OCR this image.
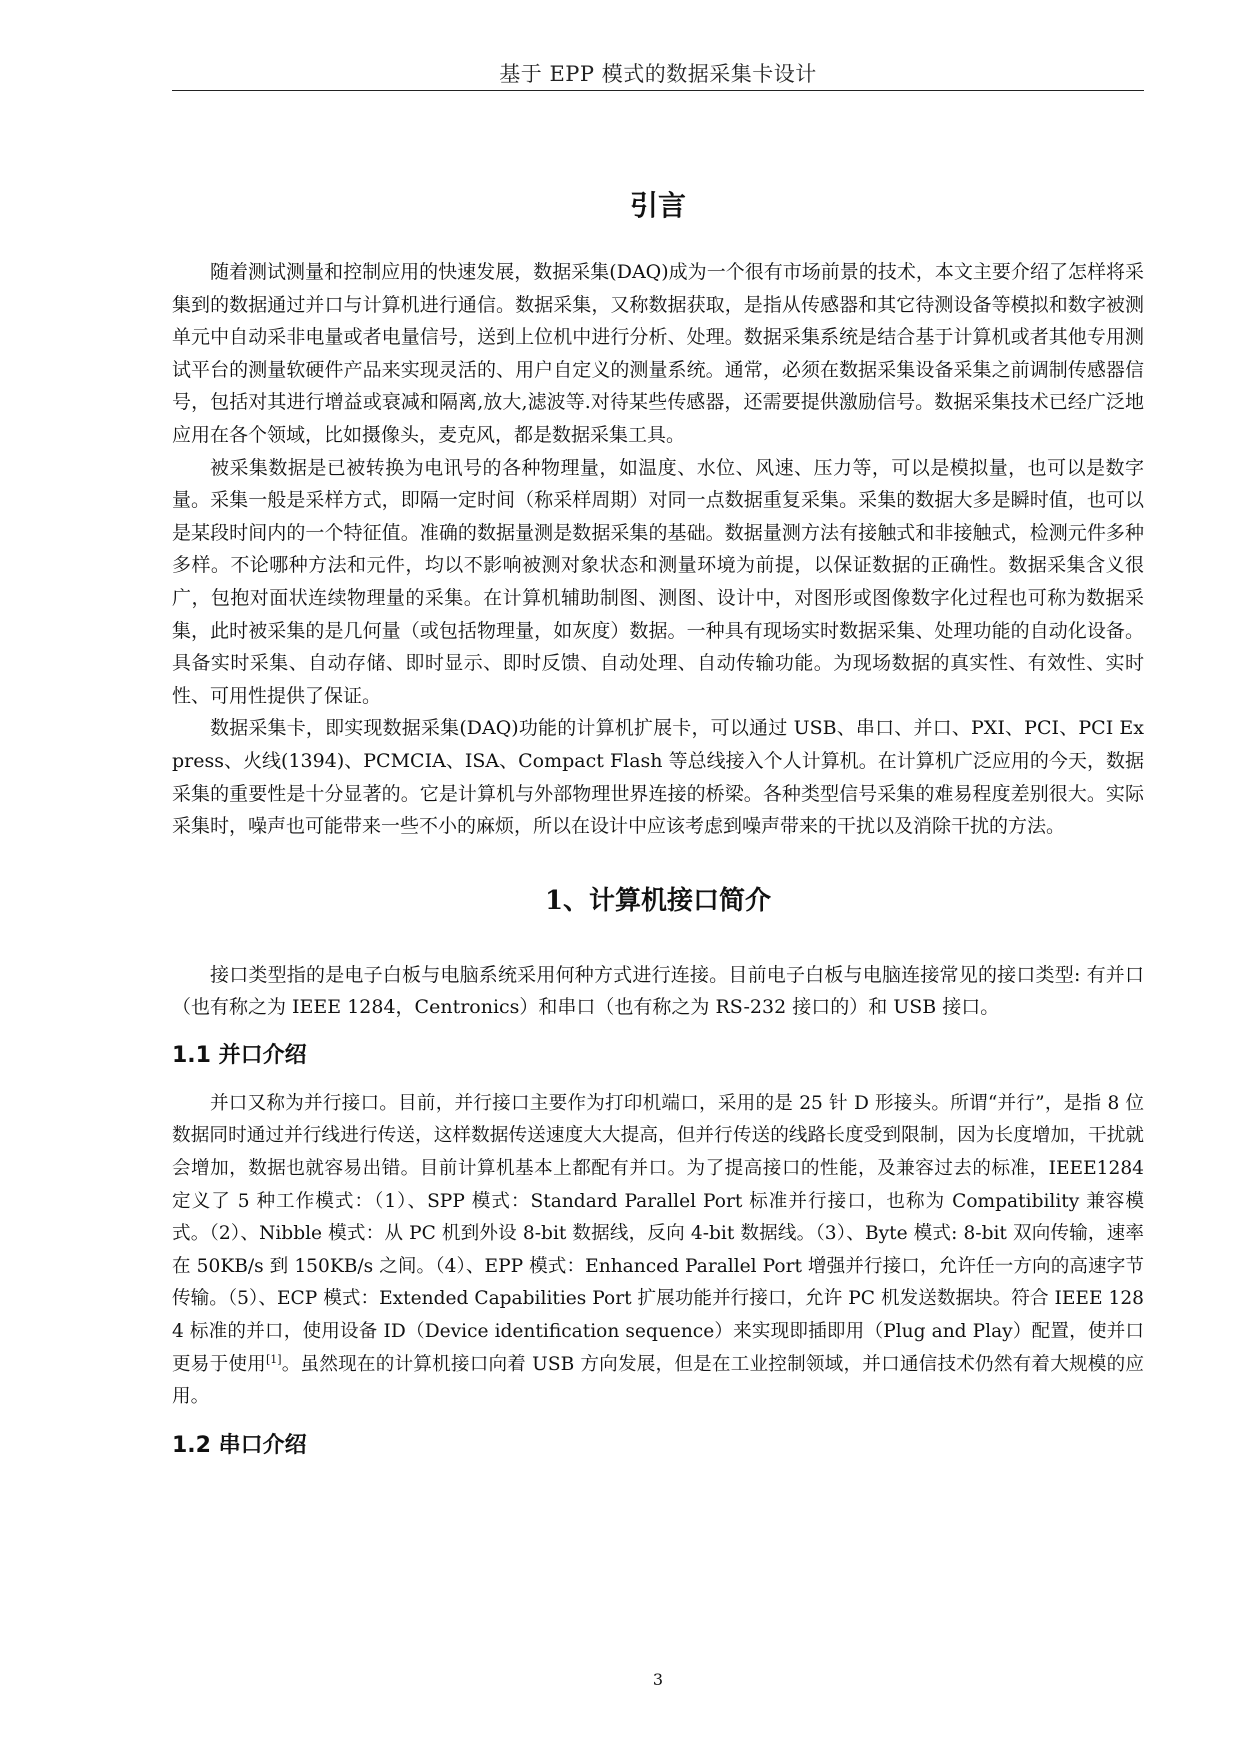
基于 EPP 模式的数据采集卡设计
引言

随着测试测量和控制应用的快速发展，数据采集(DAQ)成为一个很有市场前景的技术，本文主要介绍了怎样将采集到的数据通过并口与计算机进行通信。数据采集，又称数据获取，是指从传感器和其它待测设备等模拟和数字被测单元中自动采非电量或者电量信号，送到上位机中进行分析、处理。数据采集系统是结合基于计算机或者其他专用测试平台的测量软硬件产品来实现灵活的、用户自定义的测量系统。通常，必须在数据采集设备采集之前调制传感器信号，包括对其进行增益或衰减和隔离,放大,滤波等.对待某些传感器，还需要提供激励信号。数据采集技术已经广泛地应用在各个领域，比如摄像头，麦克风，都是数据采集工具。

被采集数据是已被转换为电讯号的各种物理量，如温度、水位、风速、压力等，可以是模拟量，也可以是数字量。采集一般是采样方式，即隔一定时间（称采样周期）对同一点数据重复采集。采集的数据大多是瞬时值，也可以是某段时间内的一个特征值。准确的数据量测是数据采集的基础。数据量测方法有接触式和非接触式，检测元件多种多样。不论哪种方法和元件，均以不影响被测对象状态和测量环境为前提，以保证数据的正确性。数据采集含义很广，包抱对面状连续物理量的采集。在计算机辅助制图、测图、设计中，对图形或图像数字化过程也可称为数据采集，此时被采集的是几何量（或包括物理量，如灰度）数据。一种具有现场实时数据采集、处理功能的自动化设备。具备实时采集、自动存储、即时显示、即时反馈、自动处理、自动传输功能。为现场数据的真实性、有效性、实时性、可用性提供了保证。

数据采集卡，即实现数据采集(DAQ)功能的计算机扩展卡，可以通过 USB、串口、并口、PXI、PCI、PCI Express、火线(1394)、PCMCIA、ISA、Compact Flash 等总线接入个人计算机。在计算机广泛应用的今天，数据采集的重要性是十分显著的。它是计算机与外部物理世界连接的桥梁。各种类型信号采集的难易程度差别很大。实际采集时，噪声也可能带来一些不小的麻烦，所以在设计中应该考虑到噪声带来的干扰以及消除干扰的方法。

1、计算机接口简介

接口类型指的是电子白板与电脑系统采用何种方式进行连接。目前电子白板与电脑连接常见的接口类型: 有并口（也有称之为 IEEE 1284，Centronics）和串口（也有称之为 RS-232 接口的）和 USB 接口。

1.1 并口介绍

并口又称为并行接口。目前，并行接口主要作为打印机端口，采用的是 25 针 D 形接头。所谓“并行”，是指 8 位数据同时通过并行线进行传送，这样数据传送速度大大提高，但并行传送的线路长度受到限制，因为长度增加，干扰就会增加，数据也就容易出错。目前计算机基本上都配有并口。为了提高接口的性能，及兼容过去的标准，IEEE1284 定义了 5 种工作模式：（1）、SPP 模式：Standard Parallel Port 标准并行接口，也称为 Compatibility 兼容模式。（2）、Nibble 模式：从 PC 机到外设 8-bit 数据线，反向 4-bit 数据线。（3）、Byte 模式: 8-bit 双向传输，速率在 50KB/s 到 150KB/s 之间。（4）、EPP 模式：Enhanced Parallel Port 增强并行接口，允许任一方向的高速字节传输。（5）、ECP 模式：Extended Capabilities Port 扩展功能并行接口，允许 PC 机发送数据块。符合 IEEE 1284 标准的并口，使用设备 ID（Device identification sequence）来实现即插即用（Plug and Play）配置，使并口更易于使用[1]。虽然现在的计算机接口向着 USB 方向发展，但是在工业控制领域，并口通信技术仍然有着大规模的应用。

1.2 串口介绍
3
